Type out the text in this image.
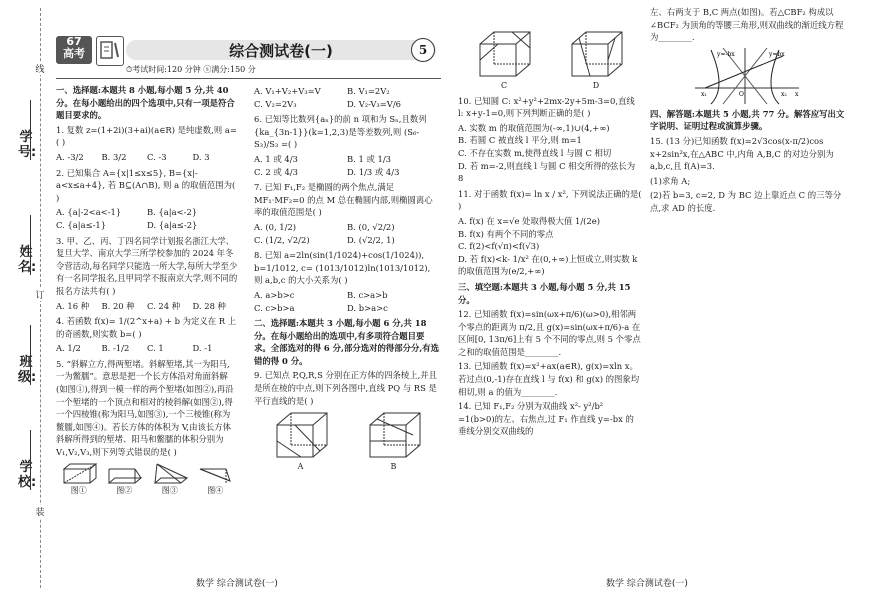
线
订
装
学号:
姓名:
班级:
学校:
67
高考	综合测试卷(一)	5
⏱考试时间:120 分钟 ⓢ满分:150 分
一、选择题:本题共 8 小题,每小题 5 分,共 40 分。在每小题给出的四个选项中,只有一项是符合题目要求的。
1. 复数 z=(1+2i)(3+ai)(a∈R) 是纯虚数,则 a=( )
A. -3/2	B. 3/2	C. -3	D. 3
2. 已知集合 A={x|1≤x≤5}, B={x|-a<x≤a+4}, 若 B⊆(A∩B), 则 a 的取值范围为( )
A. {a|-2<a<-1}	B. {a|a<-2}
C. {a|a≤-1}	D. {a|a≤-2}
3. 甲、乙、丙、丁四名同学计划报名浙江大学、复旦大学、南京大学三所学校参加的 2024 年冬令营活动,每名同学只能选一所大学,每所大学至少有一名同学报名,且甲同学不报南京大学,则不同的报名方法共有( )
A. 16 种	B. 20 种	C. 24 种	D. 28 种
4. 若函数 f(x)= 1/(2^x+a) + b 为定义在 R 上的奇函数,则实数 b=( )
A. 1/2	B. -1/2	C. 1	D. -1
5. “斜解立方,得两堑堵。斜解堑堵,其一为阳马,一为鳖臑”。意思是把一个长方体沿对角面斜解(如图①),得到一模一样的两个堑堵(如图②),再沿一个堑堵的一个顶点和相对的棱斜解(如图②),得一个四棱锥(称为阳马,如图③),一个三棱锥(称为鳖臑,如图④)。若长方体的体积为 V,由该长方体斜解所得到的堑堵、阳马和鳖臑的体积分别为 V₁,V₂,V₃,则下列等式错误的是( )
图①	图②	图③	图④
A. V₁+V₂+V₃=V	B. V₁=2V₂
C. V₂=2V₃	D. V₂-V₃=V/6
6. 已知等比数列{aₙ}的前 n 项和为 Sₙ,且数列{ka_{3n-1}}(k=1,2,3)是等差数列,则 (S₆-S₃)/S₃ =( )
A. 1 或 4/3	B. 1 或 1/3
C. 2 或 4/3	D. 1/3 或 4/3
7. 已知 F₁,F₂ 是椭圆的两个焦点,满足 MF₁·MF₂=0 的点 M 总在椭圆内部,则椭圆离心率的取值范围是( )
A. (0, 1/2)	B. (0, √2/2)
C. (1/2, √2/2)	D. (√2/2, 1)
8. 已知 a=2ln(sin(1/1024)+cos(1/1024)), b=1/1012, c= (1013/1012)ln(1013/1012), 则 a,b,c 的大小关系为( )
A. a>b>c	B. c>a>b
C. c>b>a	D. b>a>c
二、选择题:本题共 3 小题,每小题 6 分,共 18 分。在每小题给出的选项中,有多项符合题目要求。全部选对的得 6 分,部分选对的得部分分,有选错的得 0 分。
9. 已知点 P,Q,R,S 分别在正方体的四条棱上,并且是所在棱的中点,则下列各图中,直线 PQ 与 RS 是平行直线的是( )
A	B
C	D
10. 已知圆 C: x²+y²+2mx-2y+5m-3=0,直线 l: x+y-1=0,则下列判断正确的是( )
A. 实数 m 的取值范围为(-∞,1)∪(4,+∞)
B. 若圆 C 被直线 l 平分,则 m=1
C. 不存在实数 m,使得直线 l 与圆 C 相切
D. 若 m=-2,则直线 l 与圆 C 相交所得的弦长为 8
11. 对于函数 f(x)= ln x / x², 下列说法正确的是( )
A. f(x) 在 x=√e 处取得极大值 1/(2e)
B. f(x) 有两个不同的零点
C. f(2)<f(√π)<f(√3)
D. 若 f(x)<k- 1/x² 在(0,+∞)上恒成立,则实数 k 的取值范围为(e/2,+∞)
三、填空题:本题共 3 小题,每小题 5 分,共 15 分。
12. 已知函数 f(x)=sin(ωx+π/6)(ω>0),相邻两个零点的距离为 π/2,且 g(x)=sin(ωx+π/6)-a 在区间[0, 13π/6]上有 5 个不同的零点,则 5 个零点之和的取值范围是________.
13. 已知函数 f(x)=x²+ax(a∈R), g(x)=xln x。若过点(0,-1)存在直线 l 与 f(x) 和 g(x) 的图象均相切,则 a 的值为________.
14. 已知 F₁,F₂ 分别为双曲线 x²- y²/b² =1(b>0)的左、右焦点,过 F₁ 作直线 y=-bx 的垂线分别交双曲线的
左、右两支于 B,C 两点(如图)。若△CBF₂ 构成以∠BCF₂ 为顶角的等腰三角形,则双曲线的渐近线方程为________.
y=-bx	y=bx
x₁	O	x₂ x
四、解答题:本题共 5 小题,共 77 分。解答应写出文字说明、证明过程或演算步骤。
15. (13 分)已知函数 f(x)=2√3cos(x-π/2)cos x+2sin²x,在△ABC 中,内角 A,B,C 的对边分别为 a,b,c,且 f(A)=3.
(1)求角 A;
(2)若 b=3, c=2, D 为 BC 边上靠近点 C 的三等分点,求 AD 的长度.
数学 综合测试卷(一)	数学 综合测试卷(一)
